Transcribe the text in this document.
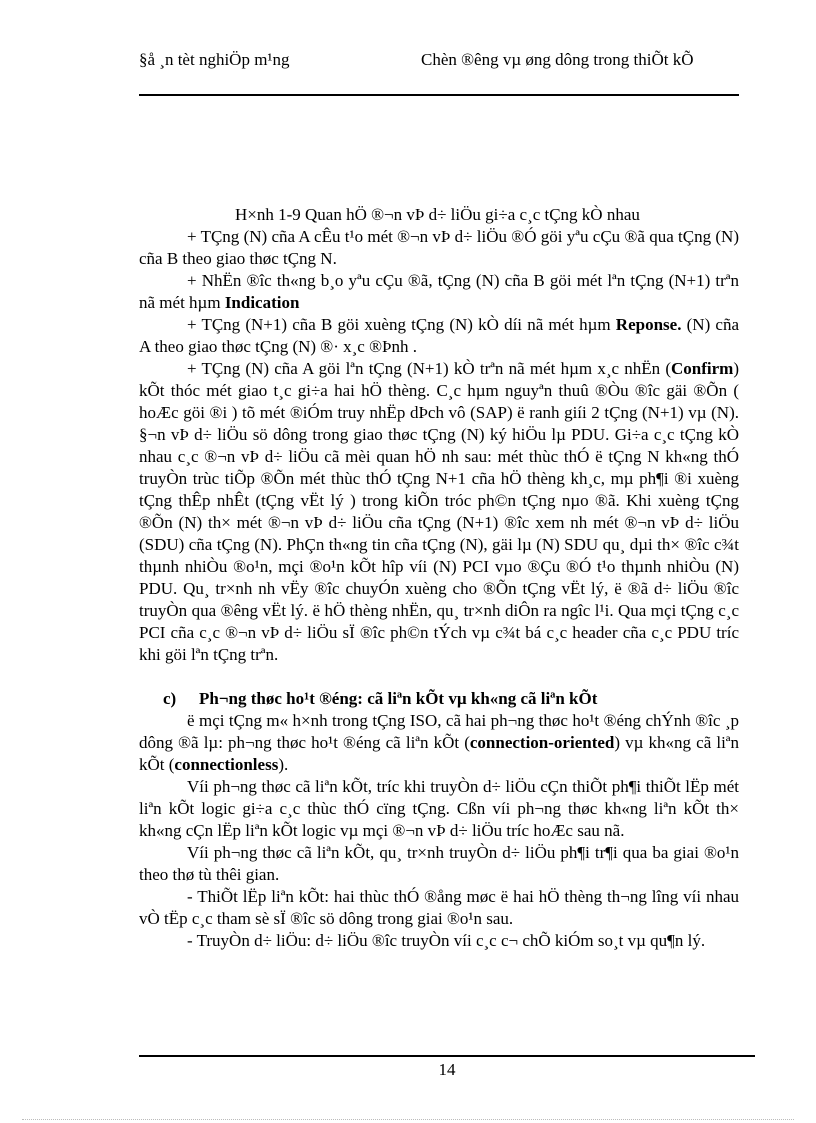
§å ¸n tèt nghiÖp m¹ng	Chèn ®êng vµ øng dông trong thiÕt kÕ

H×nh 1-9 Quan hÖ ®¬n vÞ d÷ liÖu gi÷a c¸c tÇng kÒ nhau

+ TÇng (N) cña A cÊu t¹o mét ®¬n vÞ d÷ liÖu ®Ó göi yªu cÇu ®ã qua tÇng (N) cña B theo giao thøc tÇng N.

+ NhËn ®îc th«ng b¸o yªu cÇu ®ã, tÇng (N) cña B göi mét lªn tÇng (N+1) trªn nã mét hµm Indication

+ TÇng (N+1) cña B göi xuèng tÇng (N) kÒ díi nã mét hµm Reponse. (N) cña A theo giao thøc tÇng (N) ®· x¸c ®Þnh .

+ TÇng (N) cña A göi lªn tÇng (N+1) kÒ trªn nã mét hµm x¸c nhËn (Confirm) kÕt thóc mét giao t¸c gi÷a hai hÖ thèng. C¸c hµm nguyªn thuû ®Òu ®îc gäi ®Õn ( hoÆc göi ®i ) tõ mét ®iÓm truy nhËp dÞch vô (SAP) ë ranh giíi 2 tÇng (N+1) vµ (N). §¬n vÞ d÷ liÖu sö dông trong giao thøc tÇng (N) ký hiÖu lµ PDU. Gi÷a c¸c tÇng kÒ nhau c¸c ®¬n vÞ d÷ liÖu cã mèi quan hÖ nh sau: mét thùc thÓ ë tÇng N kh«ng thÓ truyÒn trùc tiÕp ®Õn mét thùc thÓ tÇng N+1 cña hÖ thèng kh¸c, mµ ph¶i ®i xuèng tÇng thÊp nhÊt (tÇng vËt lý ) trong kiÕn tróc ph©n tÇng nµo ®ã. Khi xuèng tÇng ®Õn (N) th× mét ®¬n vÞ d÷ liÖu cña tÇng (N+1) ®îc xem nh mét ®¬n vÞ d÷ liÖu (SDU) cña tÇng (N). PhÇn th«ng tin cña tÇng (N), gäi lµ (N) SDU qu¸ dµi th× ®îc c¾t thµnh nhiÒu ®o¹n, mçi ®o¹n kÕt hîp víi (N) PCI vµo ®Çu ®Ó t¹o thµnh nhiÒu (N) PDU. Qu¸ tr×nh nh vËy ®îc chuyÓn xuèng cho ®Õn tÇng vËt lý, ë ®ã d÷ liÖu ®îc truyÒn qua ®êng vËt lý. ë hÖ thèng nhËn, qu¸ tr×nh diÔn ra ngîc l¹i. Qua mçi tÇng c¸c PCI cña c¸c ®¬n vÞ d÷ liÖu sÏ ®îc ph©n tÝch vµ c¾t bá c¸c header cña c¸c PDU tríc khi göi lªn tÇng trªn.

c) Ph¬ng thøc ho¹t ®éng: cã liªn kÕt vµ kh«ng cã liªn kÕt

ë mçi tÇng m« h×nh trong tÇng ISO, cã hai ph¬ng thøc ho¹t ®éng chÝnh ®îc ¸p dông ®ã lµ: ph¬ng thøc ho¹t ®éng cã liªn kÕt (connection-oriented) vµ kh«ng cã liªn kÕt (connectionless).

Víi ph¬ng thøc cã liªn kÕt, tríc khi truyÒn d÷ liÖu cÇn thiÕt ph¶i thiÕt lËp mét liªn kÕt logic gi÷a c¸c thùc thÓ cïng tÇng. Cßn víi ph¬ng thøc kh«ng liªn kÕt th× kh«ng cÇn lËp liªn kÕt logic vµ mçi ®¬n vÞ d÷ liÖu tríc hoÆc sau nã.

Víi ph¬ng thøc cã liªn kÕt, qu¸ tr×nh truyÒn d÷ liÖu ph¶i tr¶i qua ba giai ®o¹n theo thø tù thêi gian.

- ThiÕt lËp liªn kÕt: hai thùc thÓ ®ång møc ë hai hÖ thèng th¬ng lîng víi nhau vÒ tËp c¸c tham sè sÏ ®îc sö dông trong giai ®o¹n sau.

- TruyÒn d÷ liÖu: d÷ liÖu ®îc truyÒn víi c¸c c¬ chÕ kiÓm so¸t vµ qu¶n lý.

14
